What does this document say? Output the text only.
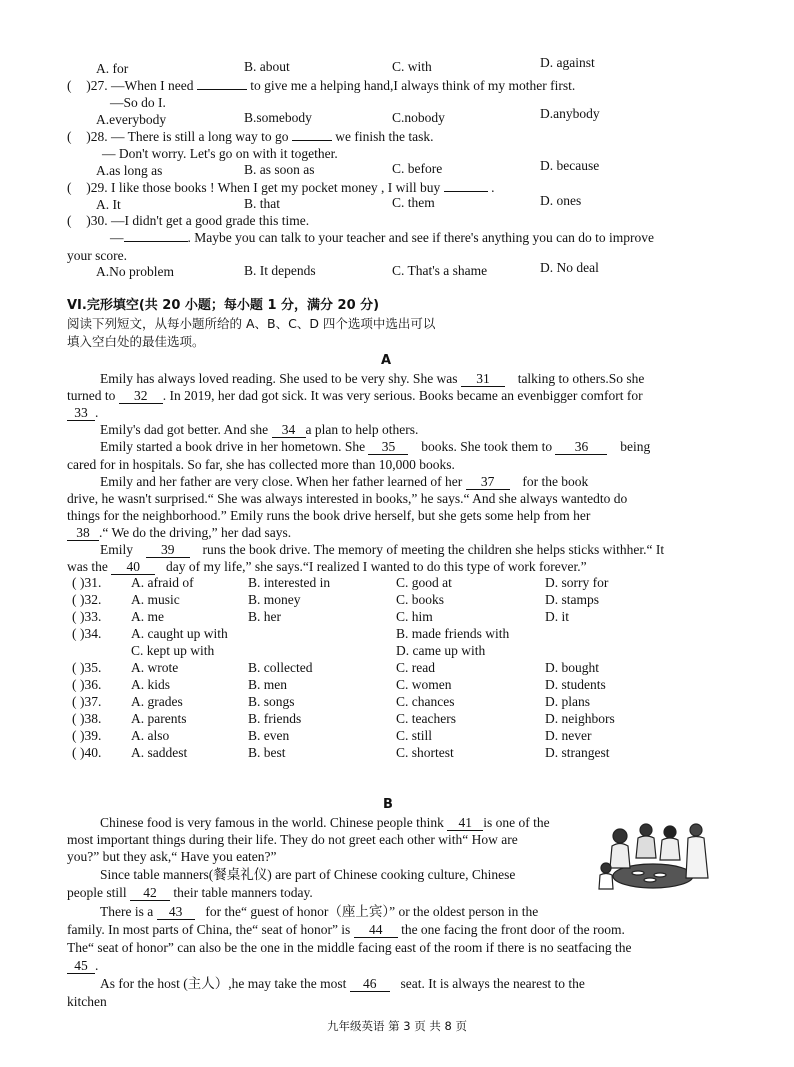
A. for	B. about	C. with	D. against
( )27. —When I need	to give me a helping hand,I always think of my mother first.
—So do I.
A.everybody	B.somebody	C.nobody	D.anybody
( )28. — There is still a long way to go	we finish the task.
— Don't worry. Let's go on with it together.
A.as long as	B. as soon as	C. before	D. because
( )29. I like those books ! When I get my pocket money , I will buy	.
A. It	B. that	C. them	D. ones
( )30. —I didn't get a good grade this time.
—	. Maybe you can talk to your teacher and see if there's anything you can do to improve
your score.
A.No problem	B. It depends	C. That's a shame	D. No deal
VI.完形填空(共 20 小题；每小题 1 分，满分 20 分)
阅读下列短文，从每小题所给的 A、B、C、D 四个选项中选出可以
填入空白处的最佳选项。
A
Emily has always loved reading. She used to be very shy. She was 31 talking to others.So she
turned to 32 . In 2019, her dad got sick. It was very serious. Books became an evenbigger comfort for
33 .
Emily's dad got better. And she 34 a plan to help others.
Emily started a book drive in her hometown. She 35 books. She took them to 36 being
cared for in hospitals. So far, she has collected more than 10,000 books.
Emily and her father are very close. When her father learned of her 37 for the book
drive, he wasn't surprised.“ She was always interested in books,” he says.“ And she always wantedto do
things for the neighborhood.” Emily runs the book drive herself, but she gets some help from her
38 .“ We do the driving,” her dad says.
Emily 39 runs the book drive. The memory of meeting the children she helps sticks withher.“ It
was the 40 day of my life,” she says.“I realized I wanted to do this type of work forever.”
( )31. A. afraid of	B. interested in	C. good at	D. sorry for
( )32. A. music	B. money	C. books	D. stamps
( )33. A. me	B. her	C. him	D. it
( )34. A. caught up with	B. made friends with
C. kept up with	D. came up with
( )35. A. wrote	B. collected	C. read	D. bought
( )36. A. kids	B. men	C. women	D. students
( )37. A. grades	B. songs	C. chances	D. plans
( )38. A. parents	B. friends	C. teachers	D. neighbors
( )39. A. also	B. even	C. still	D. never
( )40. A. saddest	B. best	C. shortest	D. strangest
B
Chinese food is very famous in the world. Chinese people think 41 is one of the
most important things during their life. They do not greet each other with“ How are
you?” but they ask,“ Have you eaten?”
Since table manners(餐桌礼仪) are part of Chinese cooking culture, Chinese
people still 42 their table manners today.
There is a 43 for the“ guest of honor（座上宾）” or the oldest person in the
family. In most parts of China, the“ seat of honor” is 44 the one facing the front door of the room.
The“ seat of honor” can also be the one in the middle facing east of the room if there is no seatfacing the
45 .
As for the host (主人）,he may take the most 46 seat. It is always the nearest to the
kitchen
九年级英语 第 3 页 共 8 页
